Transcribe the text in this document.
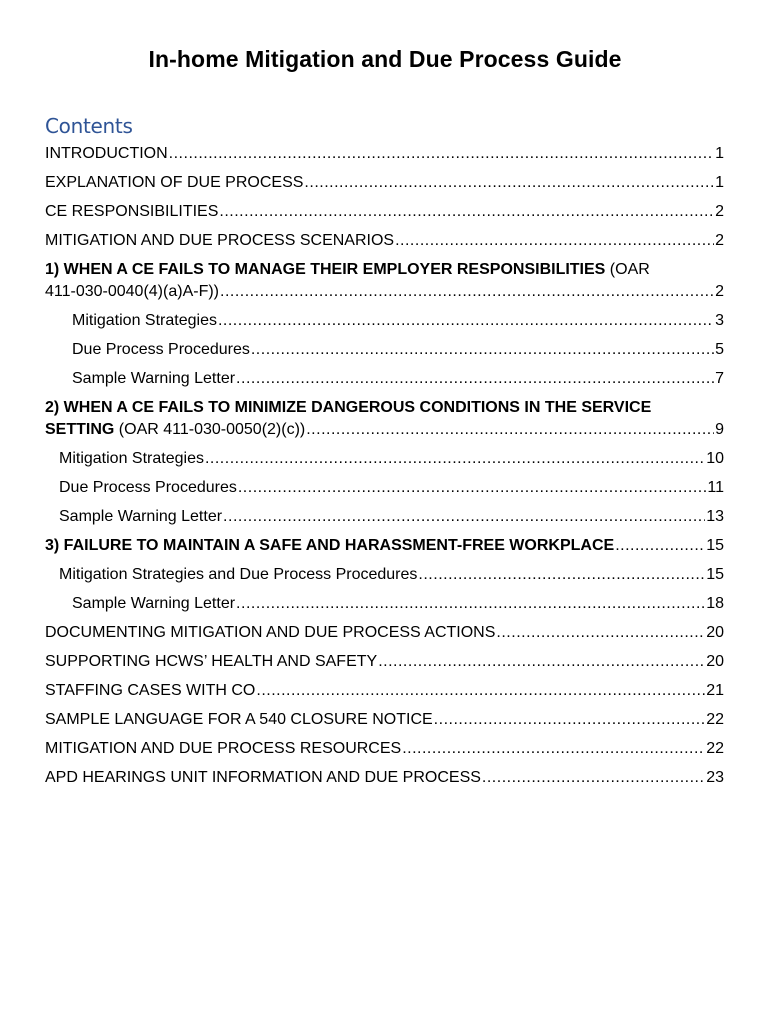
In-home Mitigation and Due Process Guide
Contents
INTRODUCTION .....	1
EXPLANATION OF DUE PROCESS .....	1
CE RESPONSIBILITIES .....	2
MITIGATION AND DUE PROCESS SCENARIOS .....	2
1) WHEN A CE FAILS TO MANAGE THEIR EMPLOYER RESPONSIBILITIES (OAR
411-030-0040(4)(a)A-F)) .....	2
Mitigation Strategies .....	3
Due Process Procedures .....	5
Sample Warning Letter .....	7
2) WHEN A CE FAILS TO MINIMIZE DANGEROUS CONDITIONS IN THE SERVICE
SETTING (OAR 411-030-0050(2)(c)) .....	9
Mitigation Strategies .....	10
Due Process Procedures .....	11
Sample Warning Letter .....	13
3) FAILURE TO MAINTAIN A SAFE AND HARASSMENT-FREE WORKPLACE .....	15
Mitigation Strategies and Due Process Procedures .....	15
Sample Warning Letter .....	18
DOCUMENTING MITIGATION AND DUE PROCESS ACTIONS .....	20
SUPPORTING HCWS’ HEALTH AND SAFETY .....	20
STAFFING CASES WITH CO .....	21
SAMPLE LANGUAGE FOR A 540 CLOSURE NOTICE .....	22
MITIGATION AND DUE PROCESS RESOURCES .....	22
APD HEARINGS UNIT INFORMATION AND DUE PROCESS .....	23
